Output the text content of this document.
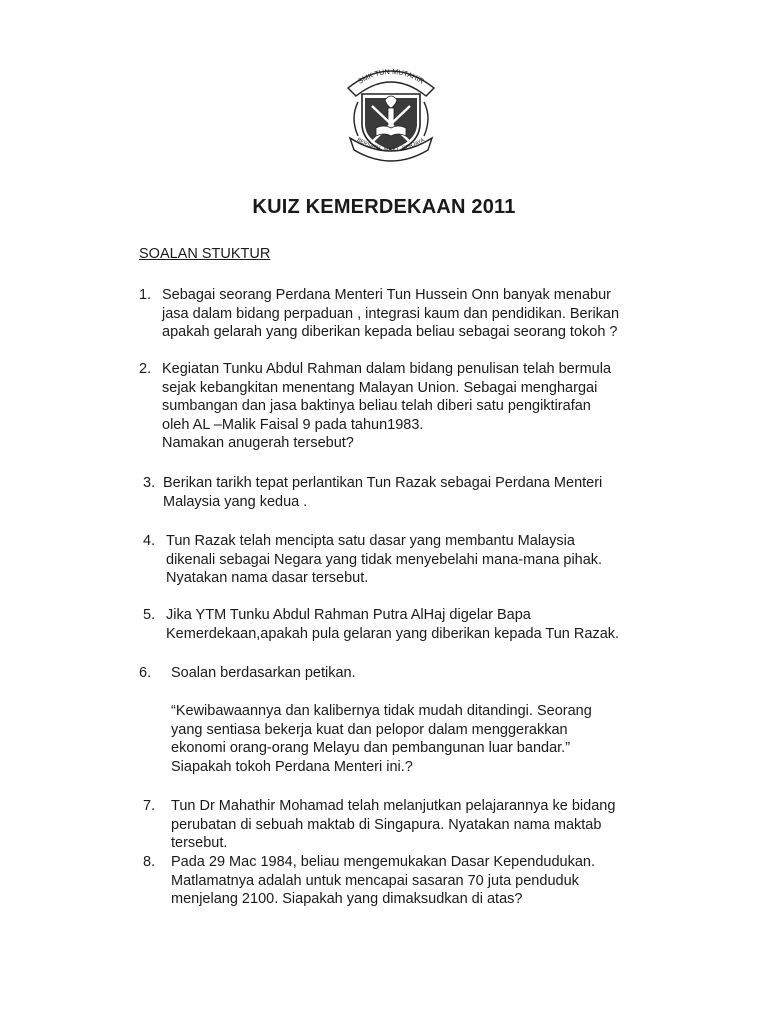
SMK TUN MUTAHIR
BERSATU MAJU BERJAYA
KUIZ KEMERDEKAAN 2011
SOALAN STUKTUR
1. Sebagai seorang Perdana Menteri Tun Hussein Onn banyak menabur

jasa dalam bidang perpaduan , integrasi kaum dan pendidikan. Berikan

apakah gelarah yang diberikan kepada beliau sebagai seorang tokoh ?

2. Kegiatan Tunku Abdul Rahman dalam bidang penulisan telah bermula

sejak kebangkitan menentang Malayan Union. Sebagai menghargai

sumbangan dan jasa baktinya beliau telah diberi satu pengiktirafan

oleh AL –Malik Faisal 9 pada tahun1983.

Namakan anugerah tersebut?

3. Berikan tarikh tepat perlantikan Tun Razak sebagai Perdana Menteri

Malaysia yang kedua .

4. Tun Razak telah mencipta satu dasar yang membantu Malaysia

dikenali sebagai Negara yang tidak menyebelahi mana-mana pihak.

Nyatakan nama dasar tersebut.

5. Jika YTM Tunku Abdul Rahman Putra AlHaj digelar Bapa

Kemerdekaan,apakah pula gelaran yang diberikan kepada Tun Razak.

6. Soalan berdasarkan petikan.

“Kewibawaannya dan kalibernya tidak mudah ditandingi. Seorang

yang sentiasa bekerja kuat dan pelopor dalam menggerakkan

ekonomi orang-orang Melayu dan pembangunan luar bandar.”

Siapakah tokoh Perdana Menteri ini.?

7. Tun Dr Mahathir Mohamad telah melanjutkan pelajarannya ke bidang

perubatan di sebuah maktab di Singapura. Nyatakan nama maktab

tersebut.

8. Pada 29 Mac 1984, beliau mengemukakan Dasar Kependudukan.

Matlamatnya adalah untuk mencapai sasaran 70 juta penduduk

menjelang 2100. Siapakah yang dimaksudkan di atas?
